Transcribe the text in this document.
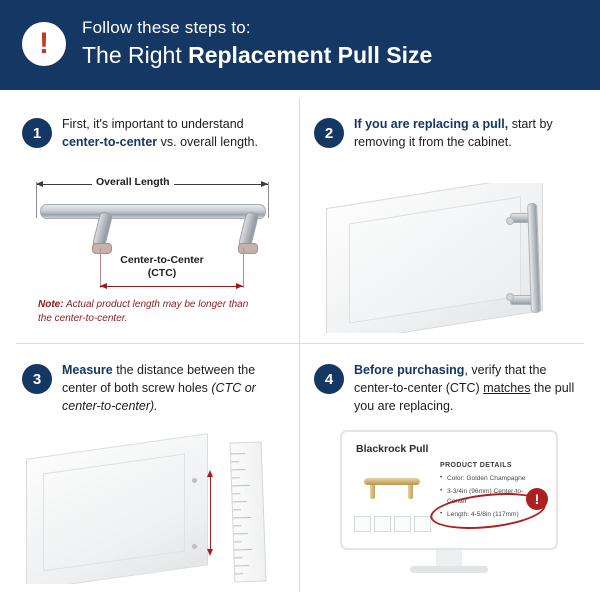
! Follow these steps to:
The Right Replacement Pull Size
1
First, it's important to understand center-to-center vs. overall length.
Overall Length
Center-to-Center
(CTC)
Note: Actual product length may be longer than the center-to-center.
2
If you are replacing a pull, start by removing it from the cabinet.
3
Measure the distance between the center of both screw holes (CTC or center-to-center).
4
Before purchasing, verify that the center-to-center (CTC) matches the pull you are replacing.
Blackrock Pull
PRODUCT DETAILS
• Color: Golden Champagne
• 3-3/4in (96mm) Center-to-Center
• Length: 4-5/8in (117mm)
!
